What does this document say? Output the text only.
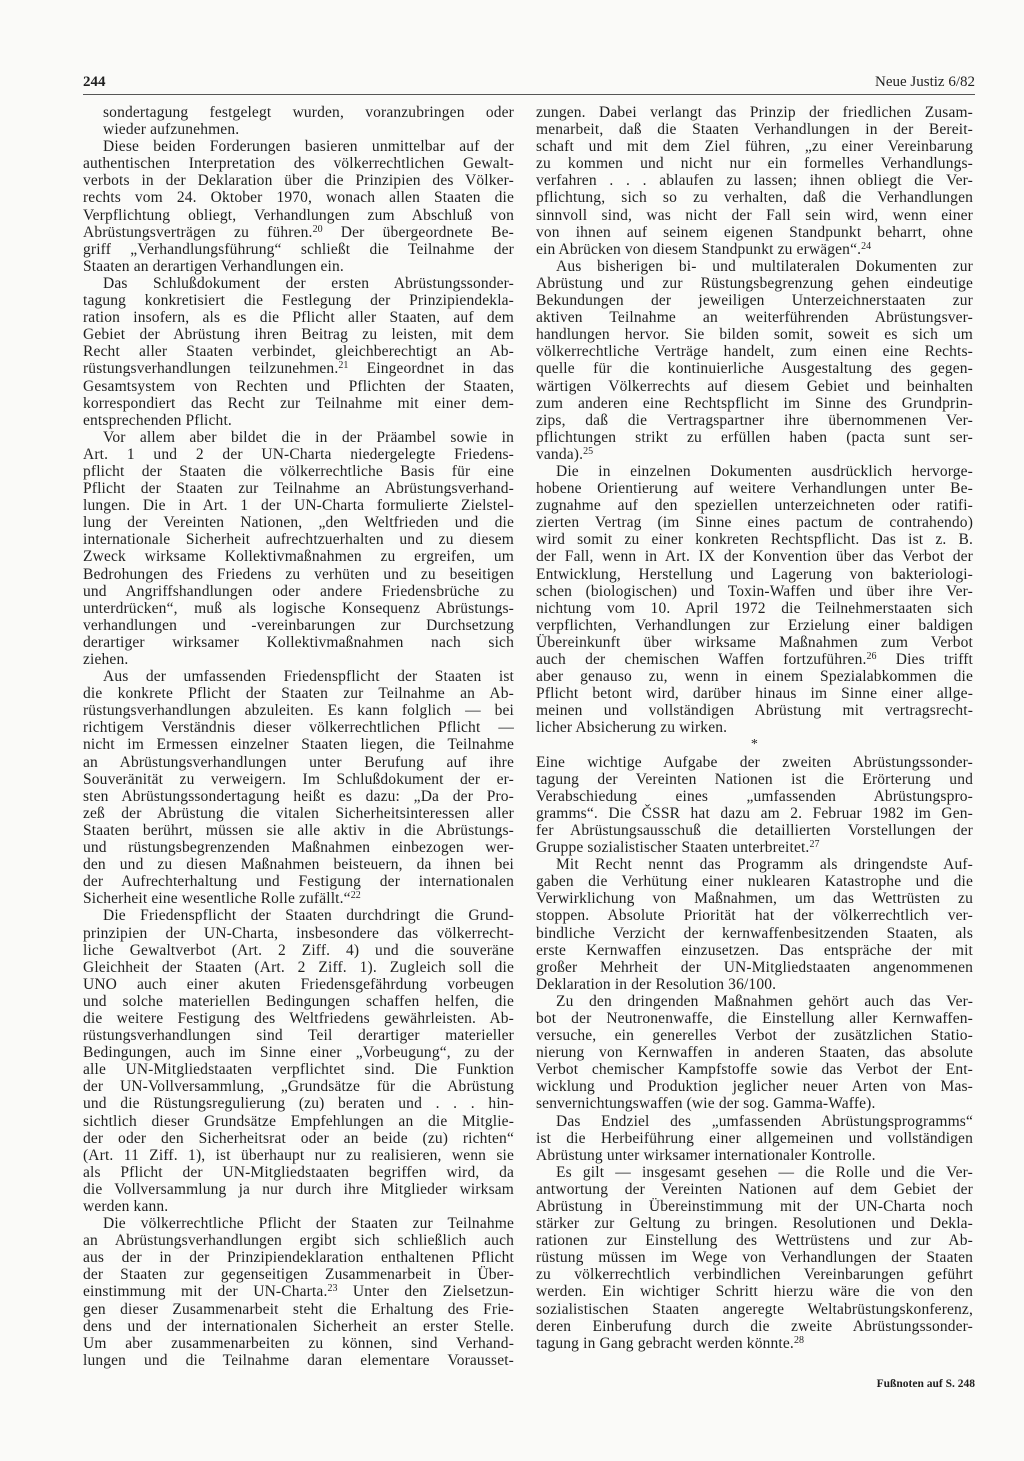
244	Neue Justiz 6/82
sondertagung festgelegt wurden, voranzubringen oder
wieder aufzunehmen.
Diese beiden Forderungen basieren unmittelbar auf der
authentischen Interpretation des völkerrechtlichen Gewalt-
verbots in der Deklaration über die Prinzipien des Völker-
rechts vom 24. Oktober 1970, wonach allen Staaten die
Verpflichtung obliegt, Verhandlungen zum Abschluß von
Abrüstungsverträgen zu führen.$^{20}$ Der übergeordnete Be-
griff „Verhandlungsführung“ schließt die Teilnahme der
Staaten an derartigen Verhandlungen ein.
Das Schlußdokument der ersten Abrüstungssonder-
tagung konkretisiert die Festlegung der Prinzipiendekla-
ration insofern, als es die Pflicht aller Staaten, auf dem
Gebiet der Abrüstung ihren Beitrag zu leisten, mit dem
Recht aller Staaten verbindet, gleichberechtigt an Ab-
rüstungsverhandlungen teilzunehmen.$^{21}$ Eingeordnet in das
Gesamtsystem von Rechten und Pflichten der Staaten,
korrespondiert das Recht zur Teilnahme mit einer dem-
entsprechenden Pflicht.
Vor allem aber bildet die in der Präambel sowie in
Art. 1 und 2 der UN-Charta niedergelegte Friedens-
pflicht der Staaten die völkerrechtliche Basis für eine
Pflicht der Staaten zur Teilnahme an Abrüstungsverhand-
lungen. Die in Art. 1 der UN-Charta formulierte Zielstel-
lung der Vereinten Nationen, „den Weltfrieden und die
internationale Sicherheit aufrechtzuerhalten und zu diesem
Zweck wirksame Kollektivmaßnahmen zu ergreifen, um
Bedrohungen des Friedens zu verhüten und zu beseitigen
und Angriffshandlungen oder andere Friedensbrüche zu
unterdrücken“, muß als logische Konsequenz Abrüstungs-
verhandlungen und -vereinbarungen zur Durchsetzung
derartiger wirksamer Kollektivmaßnahmen nach sich
ziehen.
Aus der umfassenden Friedenspflicht der Staaten ist
die konkrete Pflicht der Staaten zur Teilnahme an Ab-
rüstungsverhandlungen abzuleiten. Es kann folglich — bei
richtigem Verständnis dieser völkerrechtlichen Pflicht —
nicht im Ermessen einzelner Staaten liegen, die Teilnahme
an Abrüstungsverhandlungen unter Berufung auf ihre
Souveränität zu verweigern. Im Schlußdokument der er-
sten Abrüstungssondertagung heißt es dazu: „Da der Pro-
zeß der Abrüstung die vitalen Sicherheitsinteressen aller
Staaten berührt, müssen sie alle aktiv in die Abrüstungs-
und rüstungsbegrenzenden Maßnahmen einbezogen wer-
den und zu diesen Maßnahmen beisteuern, da ihnen bei
der Aufrechterhaltung und Festigung der internationalen
Sicherheit eine wesentliche Rolle zufällt.“$^{22}$
Die Friedenspflicht der Staaten durchdringt die Grund-
prinzipien der UN-Charta, insbesondere das völkerrecht-
liche Gewaltverbot (Art. 2 Ziff. 4) und die souveräne
Gleichheit der Staaten (Art. 2 Ziff. 1). Zugleich soll die
UNO auch einer akuten Friedensgefährdung vorbeugen
und solche materiellen Bedingungen schaffen helfen, die
die weitere Festigung des Weltfriedens gewährleisten. Ab-
rüstungsverhandlungen sind Teil derartiger materieller
Bedingungen, auch im Sinne einer „Vorbeugung“, zu der
alle UN-Mitgliedstaaten verpflichtet sind. Die Funktion
der UN-Vollversammlung, „Grundsätze für die Abrüstung
und die Rüstungsregulierung (zu) beraten und . . . hin-
sichtlich dieser Grundsätze Empfehlungen an die Mitglie-
der oder den Sicherheitsrat oder an beide (zu) richten“
(Art. 11 Ziff. 1), ist überhaupt nur zu realisieren, wenn sie
als Pflicht der UN-Mitgliedstaaten begriffen wird, da
die Vollversammlung ja nur durch ihre Mitglieder wirksam
werden kann.
Die völkerrechtliche Pflicht der Staaten zur Teilnahme
an Abrüstungsverhandlungen ergibt sich schließlich auch
aus der in der Prinzipiendeklaration enthaltenen Pflicht
der Staaten zur gegenseitigen Zusammenarbeit in Über-
einstimmung mit der UN-Charta.$^{23}$ Unter den Zielsetzun-
gen dieser Zusammenarbeit steht die Erhaltung des Frie-
dens und der internationalen Sicherheit an erster Stelle.
Um aber zusammenarbeiten zu können, sind Verhand-
lungen und die Teilnahme daran elementare Vorausset-
zungen. Dabei verlangt das Prinzip der friedlichen Zusam-
menarbeit, daß die Staaten Verhandlungen in der Bereit-
schaft und mit dem Ziel führen, „zu einer Vereinbarung
zu kommen und nicht nur ein formelles Verhandlungs-
verfahren . . . ablaufen zu lassen; ihnen obliegt die Ver-
pflichtung, sich so zu verhalten, daß die Verhandlungen
sinnvoll sind, was nicht der Fall sein wird, wenn einer
von ihnen auf seinem eigenen Standpunkt beharrt, ohne
ein Abrücken von diesem Standpunkt zu erwägen“.$^{24}$
Aus bisherigen bi- und multilateralen Dokumenten zur
Abrüstung und zur Rüstungsbegrenzung gehen eindeutige
Bekundungen der jeweiligen Unterzeichnerstaaten zur
aktiven Teilnahme an weiterführenden Abrüstungsver-
handlungen hervor. Sie bilden somit, soweit es sich um
völkerrechtliche Verträge handelt, zum einen eine Rechts-
quelle für die kontinuierliche Ausgestaltung des gegen-
wärtigen Völkerrechts auf diesem Gebiet und beinhalten
zum anderen eine Rechtspflicht im Sinne des Grundprin-
zips, daß die Vertragspartner ihre übernommenen Ver-
pflichtungen strikt zu erfüllen haben (pacta sunt ser-
vanda).$^{25}$
Die in einzelnen Dokumenten ausdrücklich hervorge-
hobene Orientierung auf weitere Verhandlungen unter Be-
zugnahme auf den speziellen unterzeichneten oder ratifi-
zierten Vertrag (im Sinne eines pactum de contrahendo)
wird somit zu einer konkreten Rechtspflicht. Das ist z. B.
der Fall, wenn in Art. IX der Konvention über das Verbot der
Entwicklung, Herstellung und Lagerung von bakteriologi-
schen (biologischen) und Toxin-Waffen und über ihre Ver-
nichtung vom 10. April 1972 die Teilnehmerstaaten sich
verpflichten, Verhandlungen zur Erzielung einer baldigen
Übereinkunft über wirksame Maßnahmen zum Verbot
auch der chemischen Waffen fortzuführen.$^{26}$ Dies trifft
aber genauso zu, wenn in einem Spezialabkommen die
Pflicht betont wird, darüber hinaus im Sinne einer allge-
meinen und vollständigen Abrüstung mit vertragsrecht-
licher Absicherung zu wirken.
*
Eine wichtige Aufgabe der zweiten Abrüstungssonder-
tagung der Vereinten Nationen ist die Erörterung und
Verabschiedung eines „umfassenden Abrüstungspro-
gramms“. Die ČSSR hat dazu am 2. Februar 1982 im Gen-
fer Abrüstungsausschuß die detaillierten Vorstellungen der
Gruppe sozialistischer Staaten unterbreitet.$^{27}$
Mit Recht nennt das Programm als dringendste Auf-
gaben die Verhütung einer nuklearen Katastrophe und die
Verwirklichung von Maßnahmen, um das Wettrüsten zu
stoppen. Absolute Priorität hat der völkerrechtlich ver-
bindliche Verzicht der kernwaffenbesitzenden Staaten, als
erste Kernwaffen einzusetzen. Das entspräche der mit
großer Mehrheit der UN-Mitgliedstaaten angenommenen
Deklaration in der Resolution 36/100.
Zu den dringenden Maßnahmen gehört auch das Ver-
bot der Neutronenwaffe, die Einstellung aller Kernwaffen-
versuche, ein generelles Verbot der zusätzlichen Statio-
nierung von Kernwaffen in anderen Staaten, das absolute
Verbot chemischer Kampfstoffe sowie das Verbot der Ent-
wicklung und Produktion jeglicher neuer Arten von Mas-
senvernichtungswaffen (wie der sog. Gamma-Waffe).
Das Endziel des „umfassenden Abrüstungsprogramms“
ist die Herbeiführung einer allgemeinen und vollständigen
Abrüstung unter wirksamer internationaler Kontrolle.
Es gilt — insgesamt gesehen — die Rolle und die Ver-
antwortung der Vereinten Nationen auf dem Gebiet der
Abrüstung in Übereinstimmung mit der UN-Charta noch
stärker zur Geltung zu bringen. Resolutionen und Dekla-
rationen zur Einstellung des Wettrüstens und zur Ab-
rüstung müssen im Wege von Verhandlungen der Staaten
zu völkerrechtlich verbindlichen Vereinbarungen geführt
werden. Ein wichtiger Schritt hierzu wäre die von den
sozialistischen Staaten angeregte Weltabrüstungskonferenz,
deren Einberufung durch die zweite Abrüstungssonder-
tagung in Gang gebracht werden könnte.$^{28}$
Fußnoten auf S. 248
